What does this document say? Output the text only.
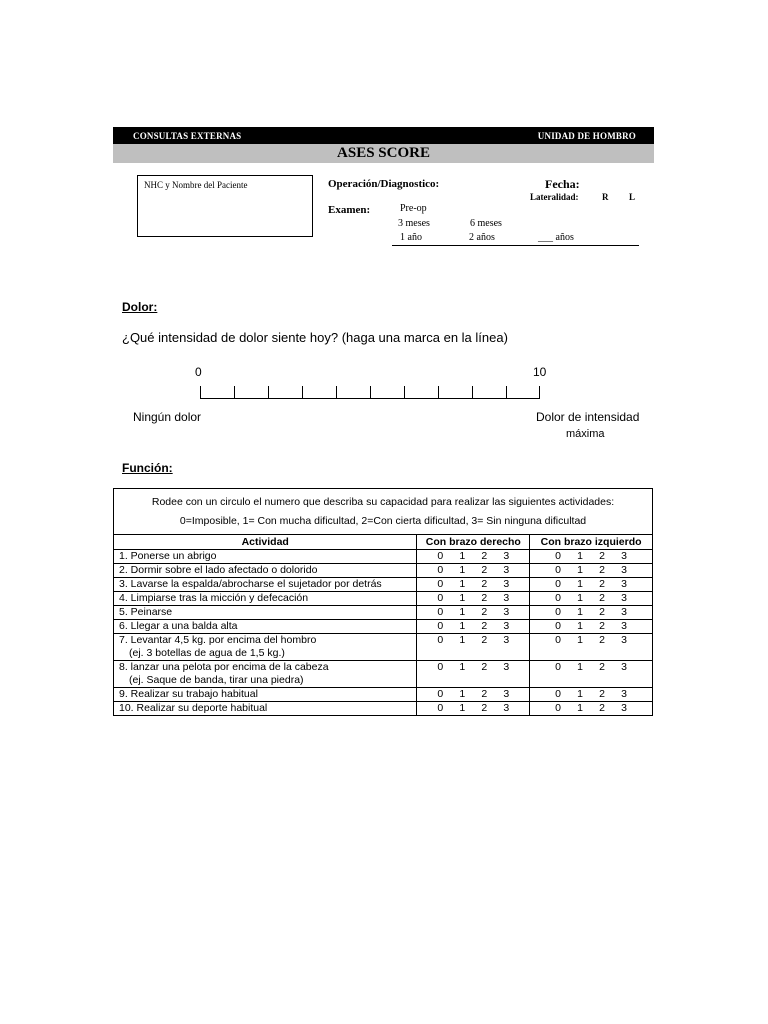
CONSULTAS EXTERNAS	UNIDAD DE HOMBRO
ASES SCORE
NHC y Nombre del Paciente	Operación/Diagnostico:	Fecha:
Lateralidad:	R L
Examen:	Pre-op
3 meses	6 meses
1 año	2 años	___ años
Dolor:
¿Qué intensidad de dolor siente hoy? (haga una marca en la línea)
0	10
Ningún dolor	Dolor de intensidad
máxima
Función:
Rodee con un circulo el numero que describa su capacidad para realizar las siguientes actividades:
0=Imposible, 1= Con mucha dificultad, 2=Con cierta dificultad, 3= Sin ninguna dificultad		
Actividad	Con brazo derecho	Con brazo izquierdo
1. Ponerse un abrigo	0 1 2 3	0 1 2 3
2. Dormir sobre el lado afectado o dolorido	0 1 2 3	0 1 2 3
3. Lavarse la espalda/abrocharse el sujetador por detrás	0 1 2 3	0 1 2 3
4. Limpiarse tras la micción y defecación	0 1 2 3	0 1 2 3
5. Peinarse	0 1 2 3	0 1 2 3
6. Llegar a una balda alta	0 1 2 3	0 1 2 3
7. Levantar 4,5 kg. por encima del hombro
(ej. 3 botellas de agua de 1,5 kg.)	0 1 2 3	0 1 2 3
8. lanzar una pelota por encima de la cabeza
(ej. Saque de banda, tirar una piedra)	0 1 2 3	0 1 2 3
9. Realizar su trabajo habitual	0 1 2 3	0 1 2 3
10. Realizar su deporte habitual	0 1 2 3	0 1 2 3
